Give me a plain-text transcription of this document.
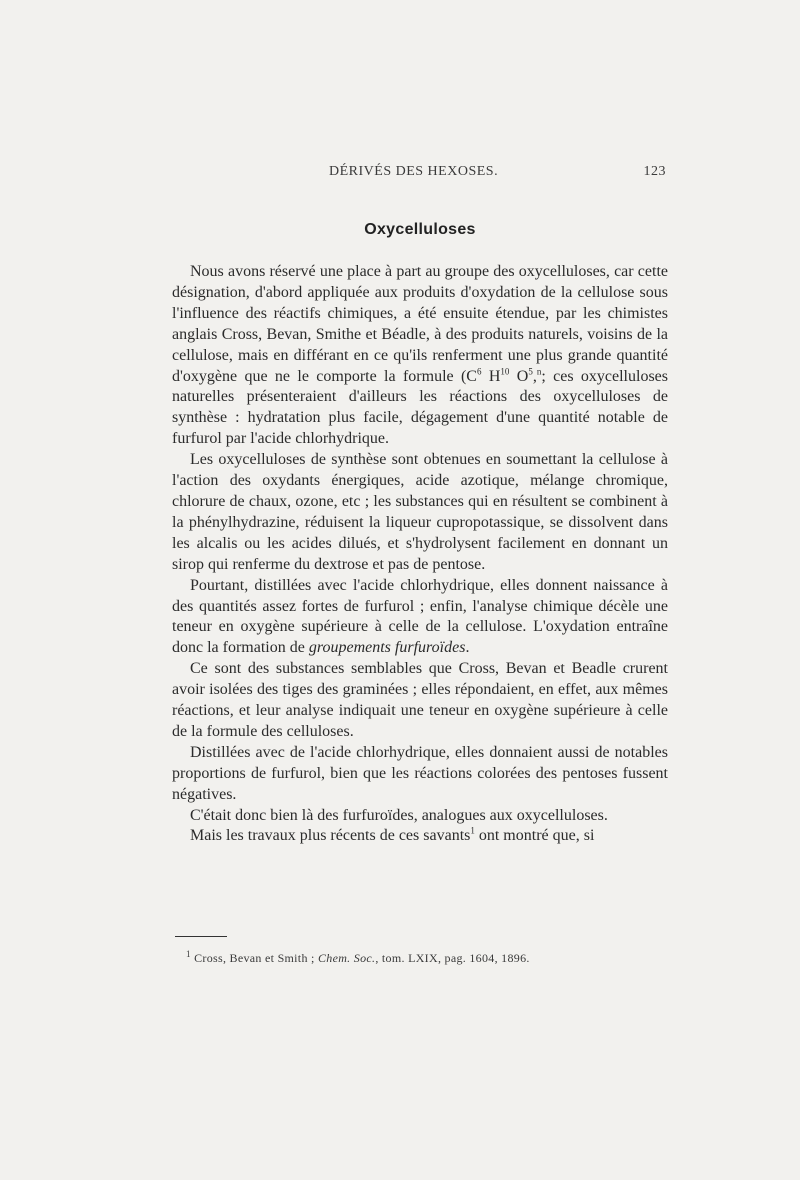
DÉRIVÉS DES HEXOSES.	123
Oxycelluloses

Nous avons réservé une place à part au groupe des oxycelluloses, car cette désignation, d'abord appliquée aux produits d'oxydation de la cellulose sous l'influence des réactifs chimiques, a été ensuite étendue, par les chimistes anglais Cross, Bevan, Smithe et Béadle, à des produits naturels, voisins de la cellulose, mais en différant en ce qu'ils renferment une plus grande quantité d'oxygène que ne le comporte la formule ($C^6$ $H^{10}$ $O^5,^n$; ces oxycelluloses naturelles présenteraient d'ailleurs les réactions des oxycelluloses de synthèse : hydratation plus facile, dégagement d'une quantité notable de furfurol par l'acide chlorhydrique.

Les oxycelluloses de synthèse sont obtenues en soumettant la cellulose à l'action des oxydants énergiques, acide azotique, mélange chromique, chlorure de chaux, ozone, etc ; les substances qui en résultent se combinent à la phénylhydrazine, réduisent la liqueur cupropotassique, se dissolvent dans les alcalis ou les acides dilués, et s'hydrolysent facilement en donnant un sirop qui renferme du dextrose et pas de pentose.

Pourtant, distillées avec l'acide chlorhydrique, elles donnent naissance à des quantités assez fortes de furfurol ; enfin, l'analyse chimique décèle une teneur en oxygène supérieure à celle de la cellulose. L'oxydation entraîne donc la formation de groupements furfuroïdes.

Ce sont des substances semblables que Cross, Bevan et Beadle crurent avoir isolées des tiges des graminées ; elles répondaient, en effet, aux mêmes réactions, et leur analyse indiquait une teneur en oxygène supérieure à celle de la formule des celluloses.

Distillées avec de l'acide chlorhydrique, elles donnaient aussi de notables proportions de furfurol, bien que les réactions colorées des pentoses fussent négatives.

C'était donc bien là des furfuroïdes, analogues aux oxycelluloses.

Mais les travaux plus récents de ces savants$^1$ ont montré que, si

$^1$ Cross, Bevan et Smith ; Chem. Soc., tom. LXIX, pag. 1604, 1896.
